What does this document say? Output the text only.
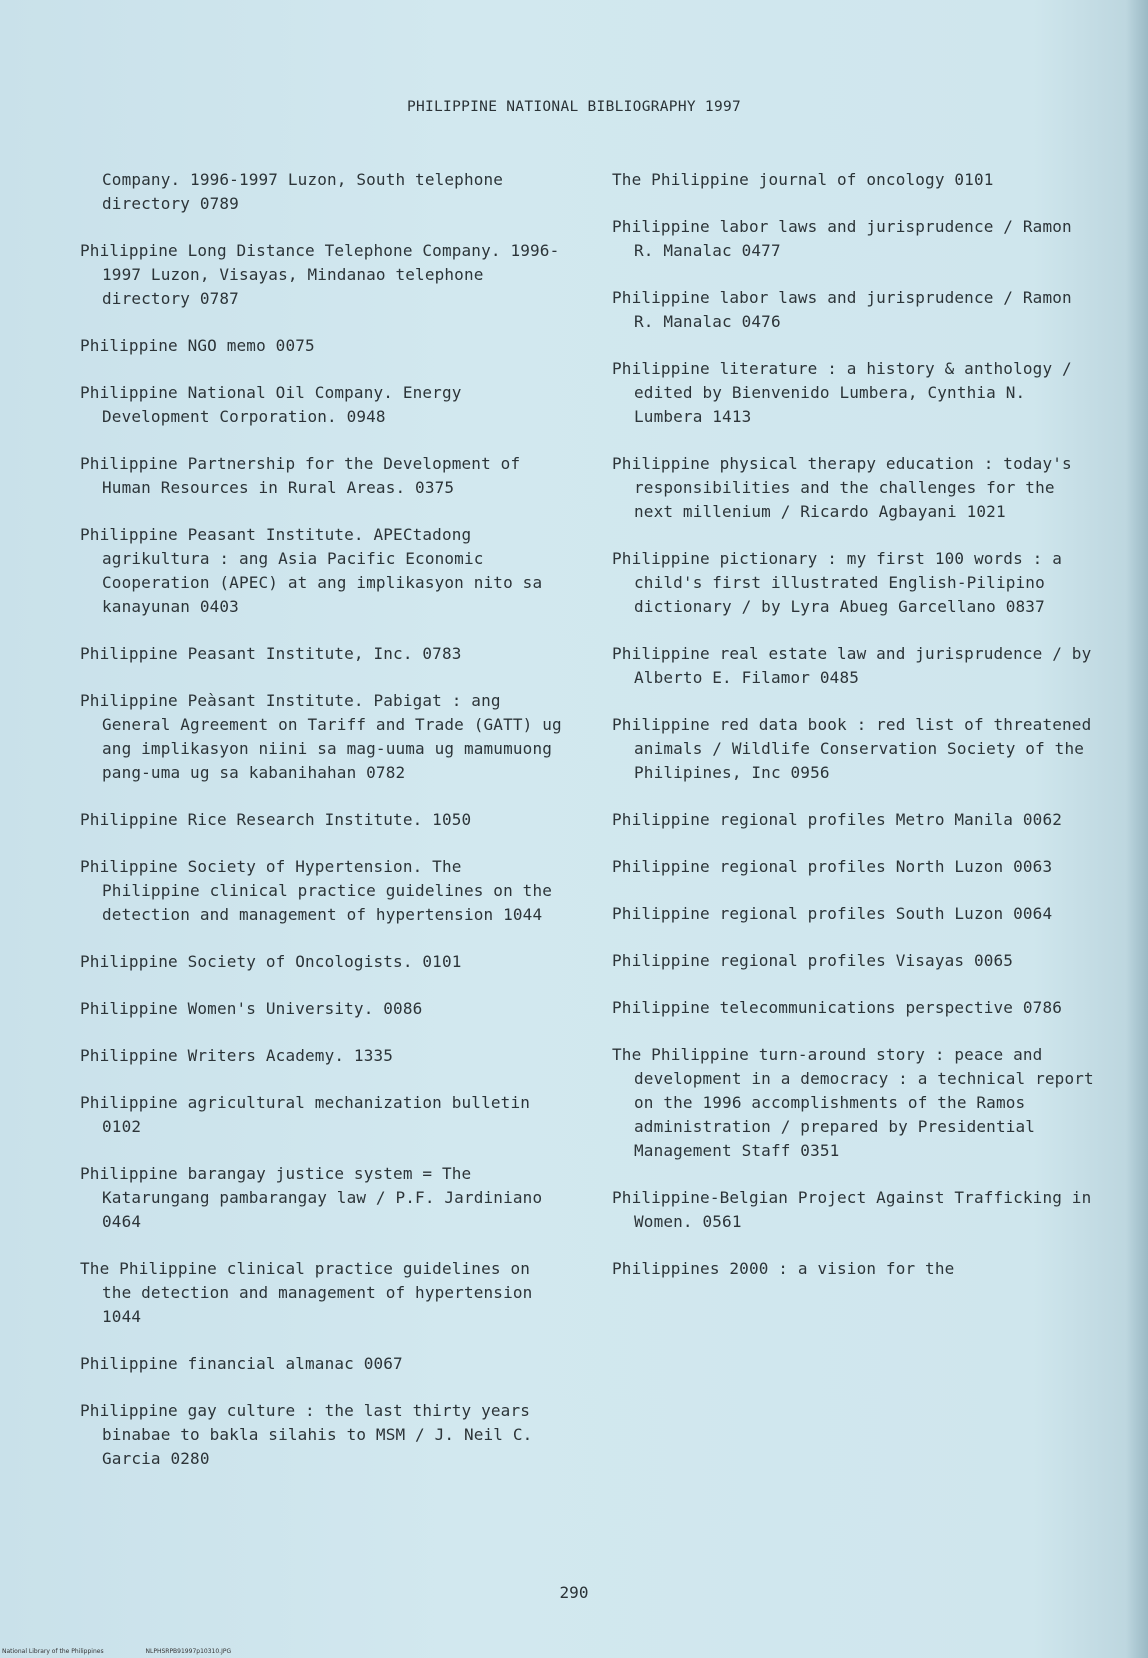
PHILIPPINE NATIONAL BIBLIOGRAPHY 1997

Company. 1996-1997 Luzon, South telephone directory 0789

Philippine Long Distance Telephone Company. 1996-1997 Luzon, Visayas, Mindanao telephone directory 0787

Philippine NGO memo 0075

Philippine National Oil Company. Energy Development Corporation. 0948

Philippine Partnership for the Development of Human Resources in Rural Areas. 0375

Philippine Peasant Institute. APECtadong agrikultura : ang Asia Pacific Economic Cooperation (APEC) at ang implikasyon nito sa kanayunan 0403

Philippine Peasant Institute, Inc. 0783

Philippine Peàsant Institute. Pabigat : ang General Agreement on Tariff and Trade (GATT) ug ang implikasyon niini sa mag-uuma ug mamumuong pang-uma ug sa kabanihahan 0782

Philippine Rice Research Institute. 1050

Philippine Society of Hypertension. The Philippine clinical practice guidelines on the detection and management of hypertension 1044

Philippine Society of Oncologists. 0101

Philippine Women's University. 0086

Philippine Writers Academy. 1335

Philippine agricultural mechanization bulletin 0102

Philippine barangay justice system = The Katarungang pambarangay law / P.F. Jardiniano 0464

The Philippine clinical practice guidelines on the detection and management of hypertension 1044

Philippine financial almanac 0067

Philippine gay culture : the last thirty years binabae to bakla silahis to MSM / J. Neil C. Garcia 0280

The Philippine journal of oncology 0101

Philippine labor laws and jurisprudence / Ramon R. Manalac 0477

Philippine labor laws and jurisprudence / Ramon R. Manalac 0476

Philippine literature : a history & anthology / edited by Bienvenido Lumbera, Cynthia N. Lumbera 1413

Philippine physical therapy education : today's responsibilities and the challenges for the next millenium / Ricardo Agbayani 1021

Philippine pictionary : my first 100 words : a child's first illustrated English-Pilipino dictionary / by Lyra Abueg Garcellano 0837

Philippine real estate law and jurisprudence / by Alberto E. Filamor 0485

Philippine red data book : red list of threatened animals / Wildlife Conservation Society of the Philipines, Inc 0956

Philippine regional profiles Metro Manila 0062

Philippine regional profiles North Luzon 0063

Philippine regional profiles South Luzon 0064

Philippine regional profiles Visayas 0065

Philippine telecommunications perspective 0786

The Philippine turn-around story : peace and development in a democracy : a technical report on the 1996 accomplishments of the Ramos administration / prepared by Presidential Management Staff 0351

Philippine-Belgian Project Against Trafficking in Women. 0561

Philippines 2000 : a vision for the

290
National Library of the Philippines	NLPHSRPB91997p10310.JPG
